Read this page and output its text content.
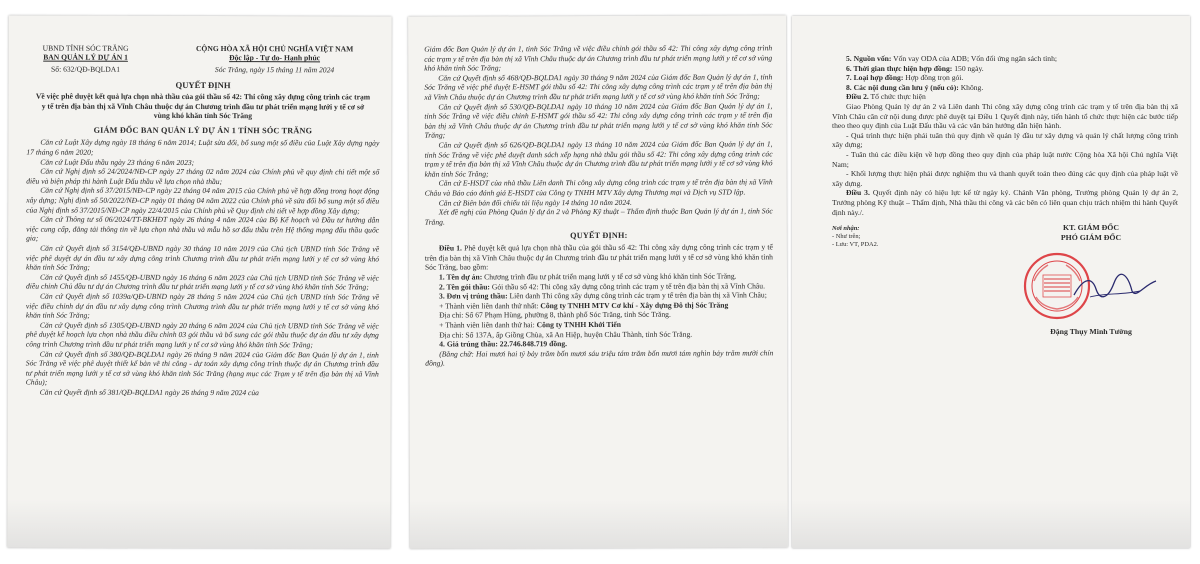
UBND TỈNH SÓC TRĂNG
BAN QUẢN LÝ DỰ ÁN 1
Số: 632/QĐ-BQLDA1
CỘNG HÒA XÃ HỘI CHỦ NGHĨA VIỆT NAM
Độc lập - Tự do- Hạnh phúc
Sóc Trăng, ngày 15 tháng 11 năm 2024
QUYẾT ĐỊNH
Về việc phê duyệt kết quả lựa chọn nhà thầu của gói thầu số 42: Thi công xây dựng công trình các trạm y tế trên địa bàn thị xã Vĩnh Châu thuộc dự án Chương trình đầu tư phát triển mạng lưới y tế cơ sở vùng khó khăn tỉnh Sóc Trăng
GIÁM ĐỐC BAN QUẢN LÝ DỰ ÁN 1 TỈNH SÓC TRĂNG

Căn cứ Luật Xây dựng ngày 18 tháng 6 năm 2014; Luật sửa đổi, bổ sung một số điều của Luật Xây dựng ngày 17 tháng 6 năm 2020;

Căn cứ Luật Đấu thầu ngày 23 tháng 6 năm 2023;

Căn cứ Nghị định số 24/2024/NĐ-CP ngày 27 tháng 02 năm 2024 của Chính phủ về quy định chi tiết một số điều và biện pháp thi hành Luật Đấu thầu về lựa chọn nhà thầu;

Căn cứ Nghị định số 37/2015/NĐ-CP ngày 22 tháng 04 năm 2015 của Chính phủ về hợp đồng trong hoạt động xây dựng; Nghị định số 50/2022/NĐ-CP ngày 01 tháng 04 năm 2022 của Chính phủ về sửa đổi bổ sung một số điều của Nghị định số 37/2015/NĐ-CP ngày 22/4/2015 của Chính phủ về Quy định chi tiết về hợp đồng Xây dựng;

Căn cứ Thông tư số 06/2024/TT-BKHĐT ngày 26 tháng 4 năm 2024 của Bộ Kế hoạch và Đầu tư hướng dẫn việc cung cấp, đăng tải thông tin về lựa chọn nhà thầu và mẫu hồ sơ đấu thầu trên Hệ thống mạng đấu thầu quốc gia;

Căn cứ Quyết định số 3154/QĐ-UBND ngày 30 tháng 10 năm 2019 của Chủ tịch UBND tỉnh Sóc Trăng về việc phê duyệt dự án đầu tư xây dựng công trình Chương trình đầu tư phát triển mạng lưới y tế cơ sở vùng khó khăn tỉnh Sóc Trăng;

Căn cứ Quyết định số 1455/QĐ-UBND ngày 16 tháng 6 năm 2023 của Chủ tịch UBND tỉnh Sóc Trăng về việc điều chỉnh Chủ đầu tư dự án Chương trình đầu tư phát triển mạng lưới y tế cơ sở vùng khó khăn tỉnh Sóc Trăng;

Căn cứ Quyết định số 1039a/QĐ-UBND ngày 28 tháng 5 năm 2024 của Chủ tịch UBND tỉnh Sóc Trăng về việc điều chỉnh dự án đầu tư xây dựng công trình Chương trình đầu tư phát triển mạng lưới y tế cơ sở vùng khó khăn tỉnh Sóc Trăng;

Căn cứ Quyết định số 1305/QĐ-UBND ngày 20 tháng 6 năm 2024 của Chủ tịch UBND tỉnh Sóc Trăng về việc phê duyệt kế hoạch lựa chọn nhà thầu điều chỉnh 03 gói thầu và bổ sung các gói thầu thuộc dự án đầu tư xây dựng công trình Chương trình đầu tư phát triển mạng lưới y tế cơ sở vùng khó khăn tỉnh Sóc Trăng;

Căn cứ Quyết định số 380/QĐ-BQLDA1 ngày 26 tháng 9 năm 2024 của Giám đốc Ban Quản lý dự án 1, tỉnh Sóc Trăng về việc phê duyệt thiết kế bản vẽ thi công - dự toán xây dựng công trình thuộc dự án Chương trình đầu tư phát triển mạng lưới y tế cơ sở vùng khó khăn tỉnh Sóc Trăng (hạng mục các Trạm y tế trên địa bàn thị xã Vĩnh Châu);

Căn cứ Quyết định số 381/QĐ-BQLDA1 ngày 26 tháng 9 năm 2024 của

Giám đốc Ban Quản lý dự án 1, tỉnh Sóc Trăng về việc điều chỉnh gói thầu số 42: Thi công xây dựng công trình các trạm y tế trên địa bàn thị xã Vĩnh Châu thuộc dự án Chương trình đầu tư phát triển mạng lưới y tế cơ sở vùng khó khăn tỉnh Sóc Trăng;

Căn cứ Quyết định số 468/QĐ-BQLDA1 ngày 30 tháng 9 năm 2024 của Giám đốc Ban Quản lý dự án 1, tỉnh Sóc Trăng về việc phê duyệt E-HSMT gói thầu số 42: Thi công xây dựng công trình các trạm y tế trên địa bàn thị xã Vĩnh Châu thuộc dự án Chương trình đầu tư phát triển mạng lưới y tế cơ sở vùng khó khăn tỉnh Sóc Trăng;

Căn cứ Quyết định số 530/QĐ-BQLDA1 ngày 10 tháng 10 năm 2024 của Giám đốc Ban Quản lý dự án 1, tỉnh Sóc Trăng về việc điều chỉnh E-HSMT gói thầu số 42: Thi công xây dựng công trình các trạm y tế trên địa bàn thị xã Vĩnh Châu thuộc dự án Chương trình đầu tư phát triển mạng lưới y tế cơ sở vùng khó khăn tỉnh Sóc Trăng;

Căn cứ Quyết định số 626/QĐ-BQLDA1 ngày 13 tháng 10 năm 2024 của Giám đốc Ban Quản lý dự án 1, tỉnh Sóc Trăng về việc phê duyệt danh sách xếp hạng nhà thầu gói thầu số 42: Thi công xây dựng công trình các trạm y tế trên địa bàn thị xã Vĩnh Châu thuộc dự án Chương trình đầu tư phát triển mạng lưới y tế cơ sở vùng khó khăn tỉnh Sóc Trăng;

Căn cứ E-HSDT của nhà thầu Liên danh Thi công xây dựng công trình các trạm y tế trên địa bàn thị xã Vĩnh Châu và Báo cáo đánh giá E-HSDT của Công ty TNHH MTV Xây dựng Thương mại và Dịch vụ STD lập.

Căn cứ Biên bản đối chiếu tài liệu ngày 14 tháng 10 năm 2024.

Xét đề nghị của Phòng Quản lý dự án 2 và Phòng Kỹ thuật – Thẩm định thuộc Ban Quản lý dự án 1, tỉnh Sóc Trăng.

QUYẾT ĐỊNH:

Điều 1. Phê duyệt kết quả lựa chọn nhà thầu của gói thầu số 42: Thi công xây dựng công trình các trạm y tế trên địa bàn thị xã Vĩnh Châu thuộc dự án Chương trình đầu tư phát triển mạng lưới y tế cơ sở vùng khó khăn tỉnh Sóc Trăng, bao gồm:

1. Tên dự án: Chương trình đầu tư phát triển mạng lưới y tế cơ sở vùng khó khăn tỉnh Sóc Trăng.

2. Tên gói thầu: Gói thầu số 42: Thi công xây dựng công trình các trạm y tế trên địa bàn thị xã Vĩnh Châu.

3. Đơn vị trúng thầu: Liên danh Thi công xây dựng công trình các trạm y tế trên địa bàn thị xã Vĩnh Châu;

+ Thành viên liên danh thứ nhất: Công ty TNHH MTV Cơ khí - Xây dựng Đô thị Sóc Trăng

Địa chỉ: Số 67 Phạm Hùng, phường 8, thành phố Sóc Trăng, tỉnh Sóc Trăng.

+ Thành viên liên danh thứ hai: Công ty TNHH Khởi Tiến

Địa chỉ: Số 137A, ấp Giồng Chùa, xã An Hiệp, huyện Châu Thành, tỉnh Sóc Trăng.

4. Giá trúng thầu: 22.746.848.719 đồng.

(Bằng chữ: Hai mươi hai tỷ bảy trăm bốn mươi sáu triệu tám trăm bốn mươi tám nghìn bảy trăm mười chín đồng).

5. Nguồn vốn: Vốn vay ODA của ADB; Vốn đối ứng ngân sách tỉnh;

6. Thời gian thực hiện hợp đồng: 150 ngày.

7. Loại hợp đồng: Hợp đồng trọn gói.

8. Các nội dung cần lưu ý (nếu có): Không.

Điều 2. Tổ chức thực hiện

Giao Phòng Quản lý dự án 2 và Liên danh Thi công xây dựng công trình các trạm y tế trên địa bàn thị xã Vĩnh Châu căn cứ nội dung được phê duyệt tại Điều 1 Quyết định này, tiến hành tổ chức thực hiện các bước tiếp theo theo quy định của Luật Đấu thầu và các văn bản hướng dẫn hiện hành.

- Quá trình thực hiện phải tuân thủ quy định về quản lý đầu tư xây dựng và quản lý chất lượng công trình xây dựng;

- Tuân thủ các điều kiện về hợp đồng theo quy định của pháp luật nước Cộng hòa Xã hội Chủ nghĩa Việt Nam;

- Khối lượng thực hiện phải được nghiệm thu và thanh quyết toán theo đúng các quy định của pháp luật về xây dựng.

Điều 3. Quyết định này có hiệu lực kể từ ngày ký. Chánh Văn phòng, Trưởng phòng Quản lý dự án 2, Trưởng phòng Kỹ thuật – Thẩm định, Nhà thầu thi công và các bên có liên quan chịu trách nhiệm thi hành Quyết định này./.

Nơi nhận:
- Như trên;
- Lưu: VT, PDA2.
KT. GIÁM ĐỐC
PHÓ GIÁM ĐỐC
Đặng Thụy Minh Tường
